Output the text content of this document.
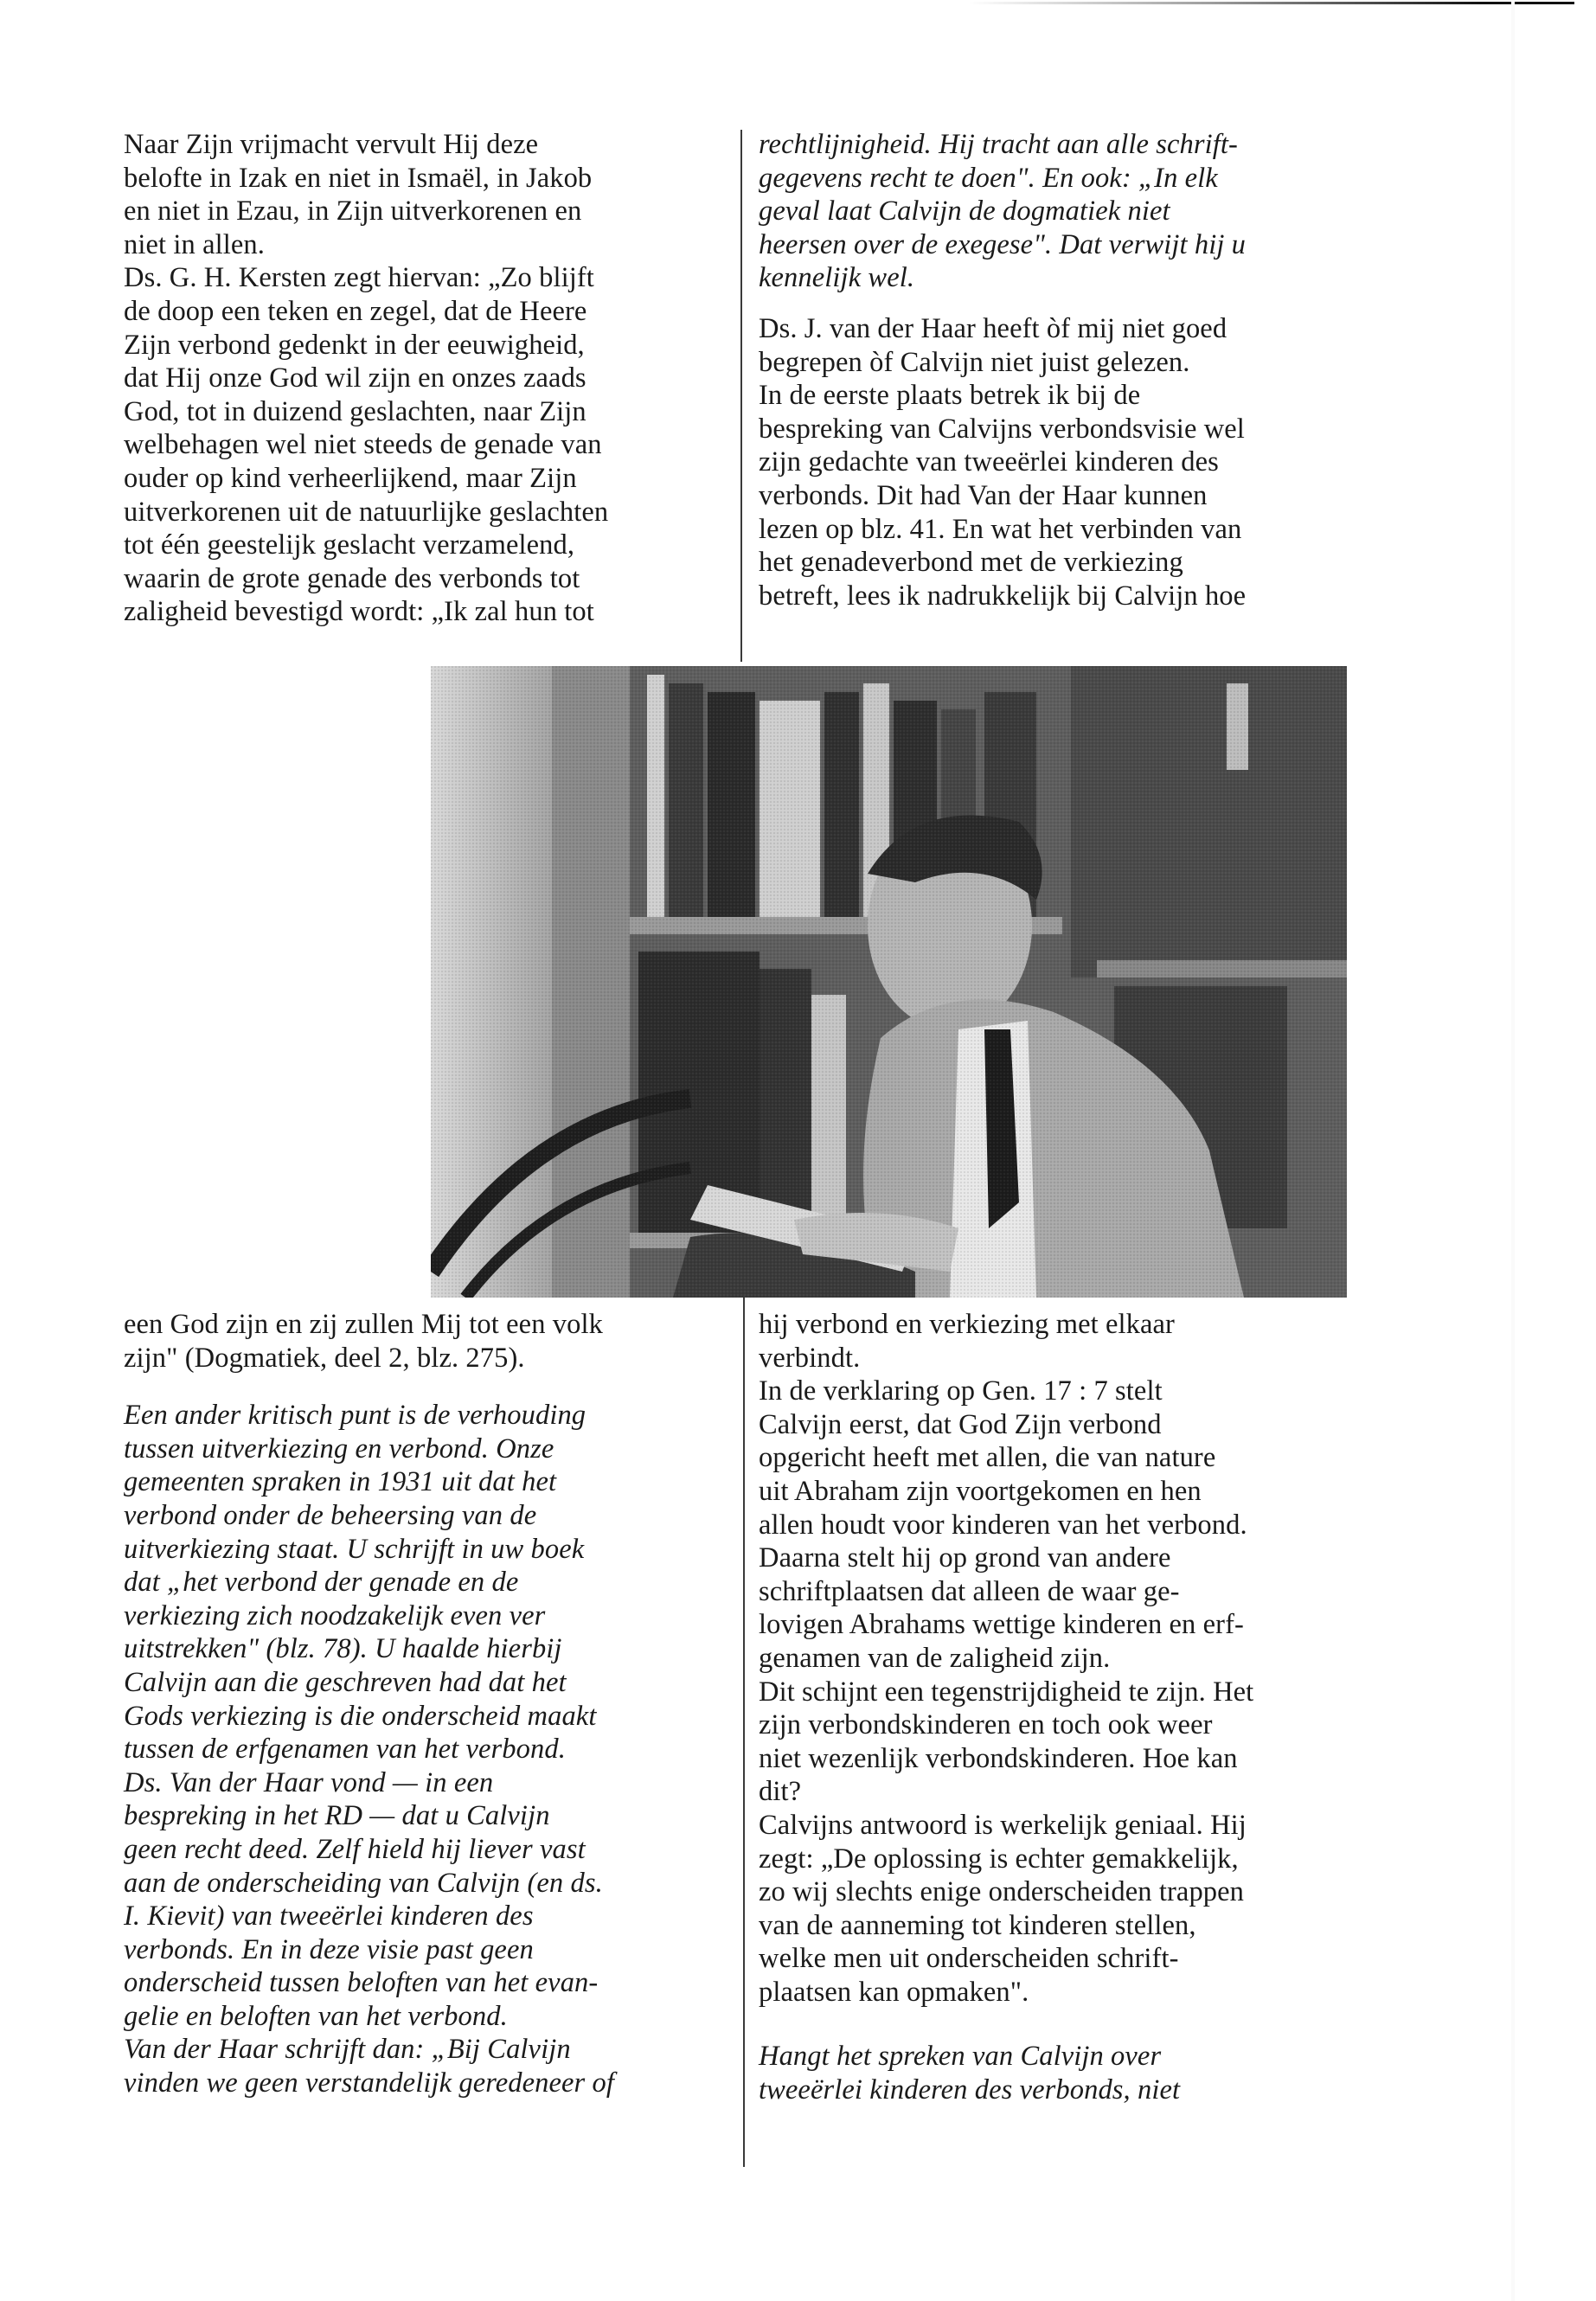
Naar Zijn vrijmacht vervult Hij deze
belofte in Izak en niet in Ismaël, in Jakob
en niet in Ezau, in Zijn uitverkorenen en
niet in allen.
Ds. G. H. Kersten zegt hiervan: „Zo blijft
de doop een teken en zegel, dat de Heere
Zijn verbond gedenkt in der eeuwigheid,
dat Hij onze God wil zijn en onzes zaads
God, tot in duizend geslachten, naar Zijn
welbehagen wel niet steeds de genade van
ouder op kind verheerlijkend, maar Zijn
uitverkorenen uit de natuurlijke geslachten
tot één geestelijk geslacht verzamelend,
waarin de grote genade des verbonds tot
zaligheid bevestigd wordt: „Ik zal hun tot
rechtlijnigheid. Hij tracht aan alle schrift-
gegevens recht te doen". En ook: „In elk
geval laat Calvijn de dogmatiek niet
heersen over de exegese". Dat verwijt hij u
kennelijk wel.
Ds. J. van der Haar heeft òf mij niet goed
begrepen òf Calvijn niet juist gelezen.
In de eerste plaats betrek ik bij de
bespreking van Calvijns verbondsvisie wel
zijn gedachte van tweeërlei kinderen des
verbonds. Dit had Van der Haar kunnen
lezen op blz. 41. En wat het verbinden van
het genadeverbond met de verkiezing
betreft, lees ik nadrukkelijk bij Calvijn hoe
een God zijn en zij zullen Mij tot een volk
zijn" (Dogmatiek, deel 2, blz. 275).
Een ander kritisch punt is de verhouding
tussen uitverkiezing en verbond. Onze
gemeenten spraken in 1931 uit dat het
verbond onder de beheersing van de
uitverkiezing staat. U schrijft in uw boek
dat „het verbond der genade en de
verkiezing zich noodzakelijk even ver
uitstrekken" (blz. 78). U haalde hierbij
Calvijn aan die geschreven had dat het
Gods verkiezing is die onderscheid maakt
tussen de erfgenamen van het verbond.
Ds. Van der Haar vond — in een
bespreking in het RD — dat u Calvijn
geen recht deed. Zelf hield hij liever vast
aan de onderscheiding van Calvijn (en ds.
I. Kievit) van tweeërlei kinderen des
verbonds. En in deze visie past geen
onderscheid tussen beloften van het evan-
gelie en beloften van het verbond.
Van der Haar schrijft dan: „Bij Calvijn
vinden we geen verstandelijk geredeneer of
hij verbond en verkiezing met elkaar
verbindt.
In de verklaring op Gen. 17 : 7 stelt
Calvijn eerst, dat God Zijn verbond
opgericht heeft met allen, die van nature
uit Abraham zijn voortgekomen en hen
allen houdt voor kinderen van het verbond.
Daarna stelt hij op grond van andere
schriftplaatsen dat alleen de waar ge-
lovigen Abrahams wettige kinderen en erf-
genamen van de zaligheid zijn.
Dit schijnt een tegenstrijdigheid te zijn. Het
zijn verbondskinderen en toch ook weer
niet wezenlijk verbondskinderen. Hoe kan
dit?
Calvijns antwoord is werkelijk geniaal. Hij
zegt: „De oplossing is echter gemakkelijk,
zo wij slechts enige onderscheiden trappen
van de aanneming tot kinderen stellen,
welke men uit onderscheiden schrift-
plaatsen kan opmaken".
Hangt het spreken van Calvijn over
tweeërlei kinderen des verbonds, niet
